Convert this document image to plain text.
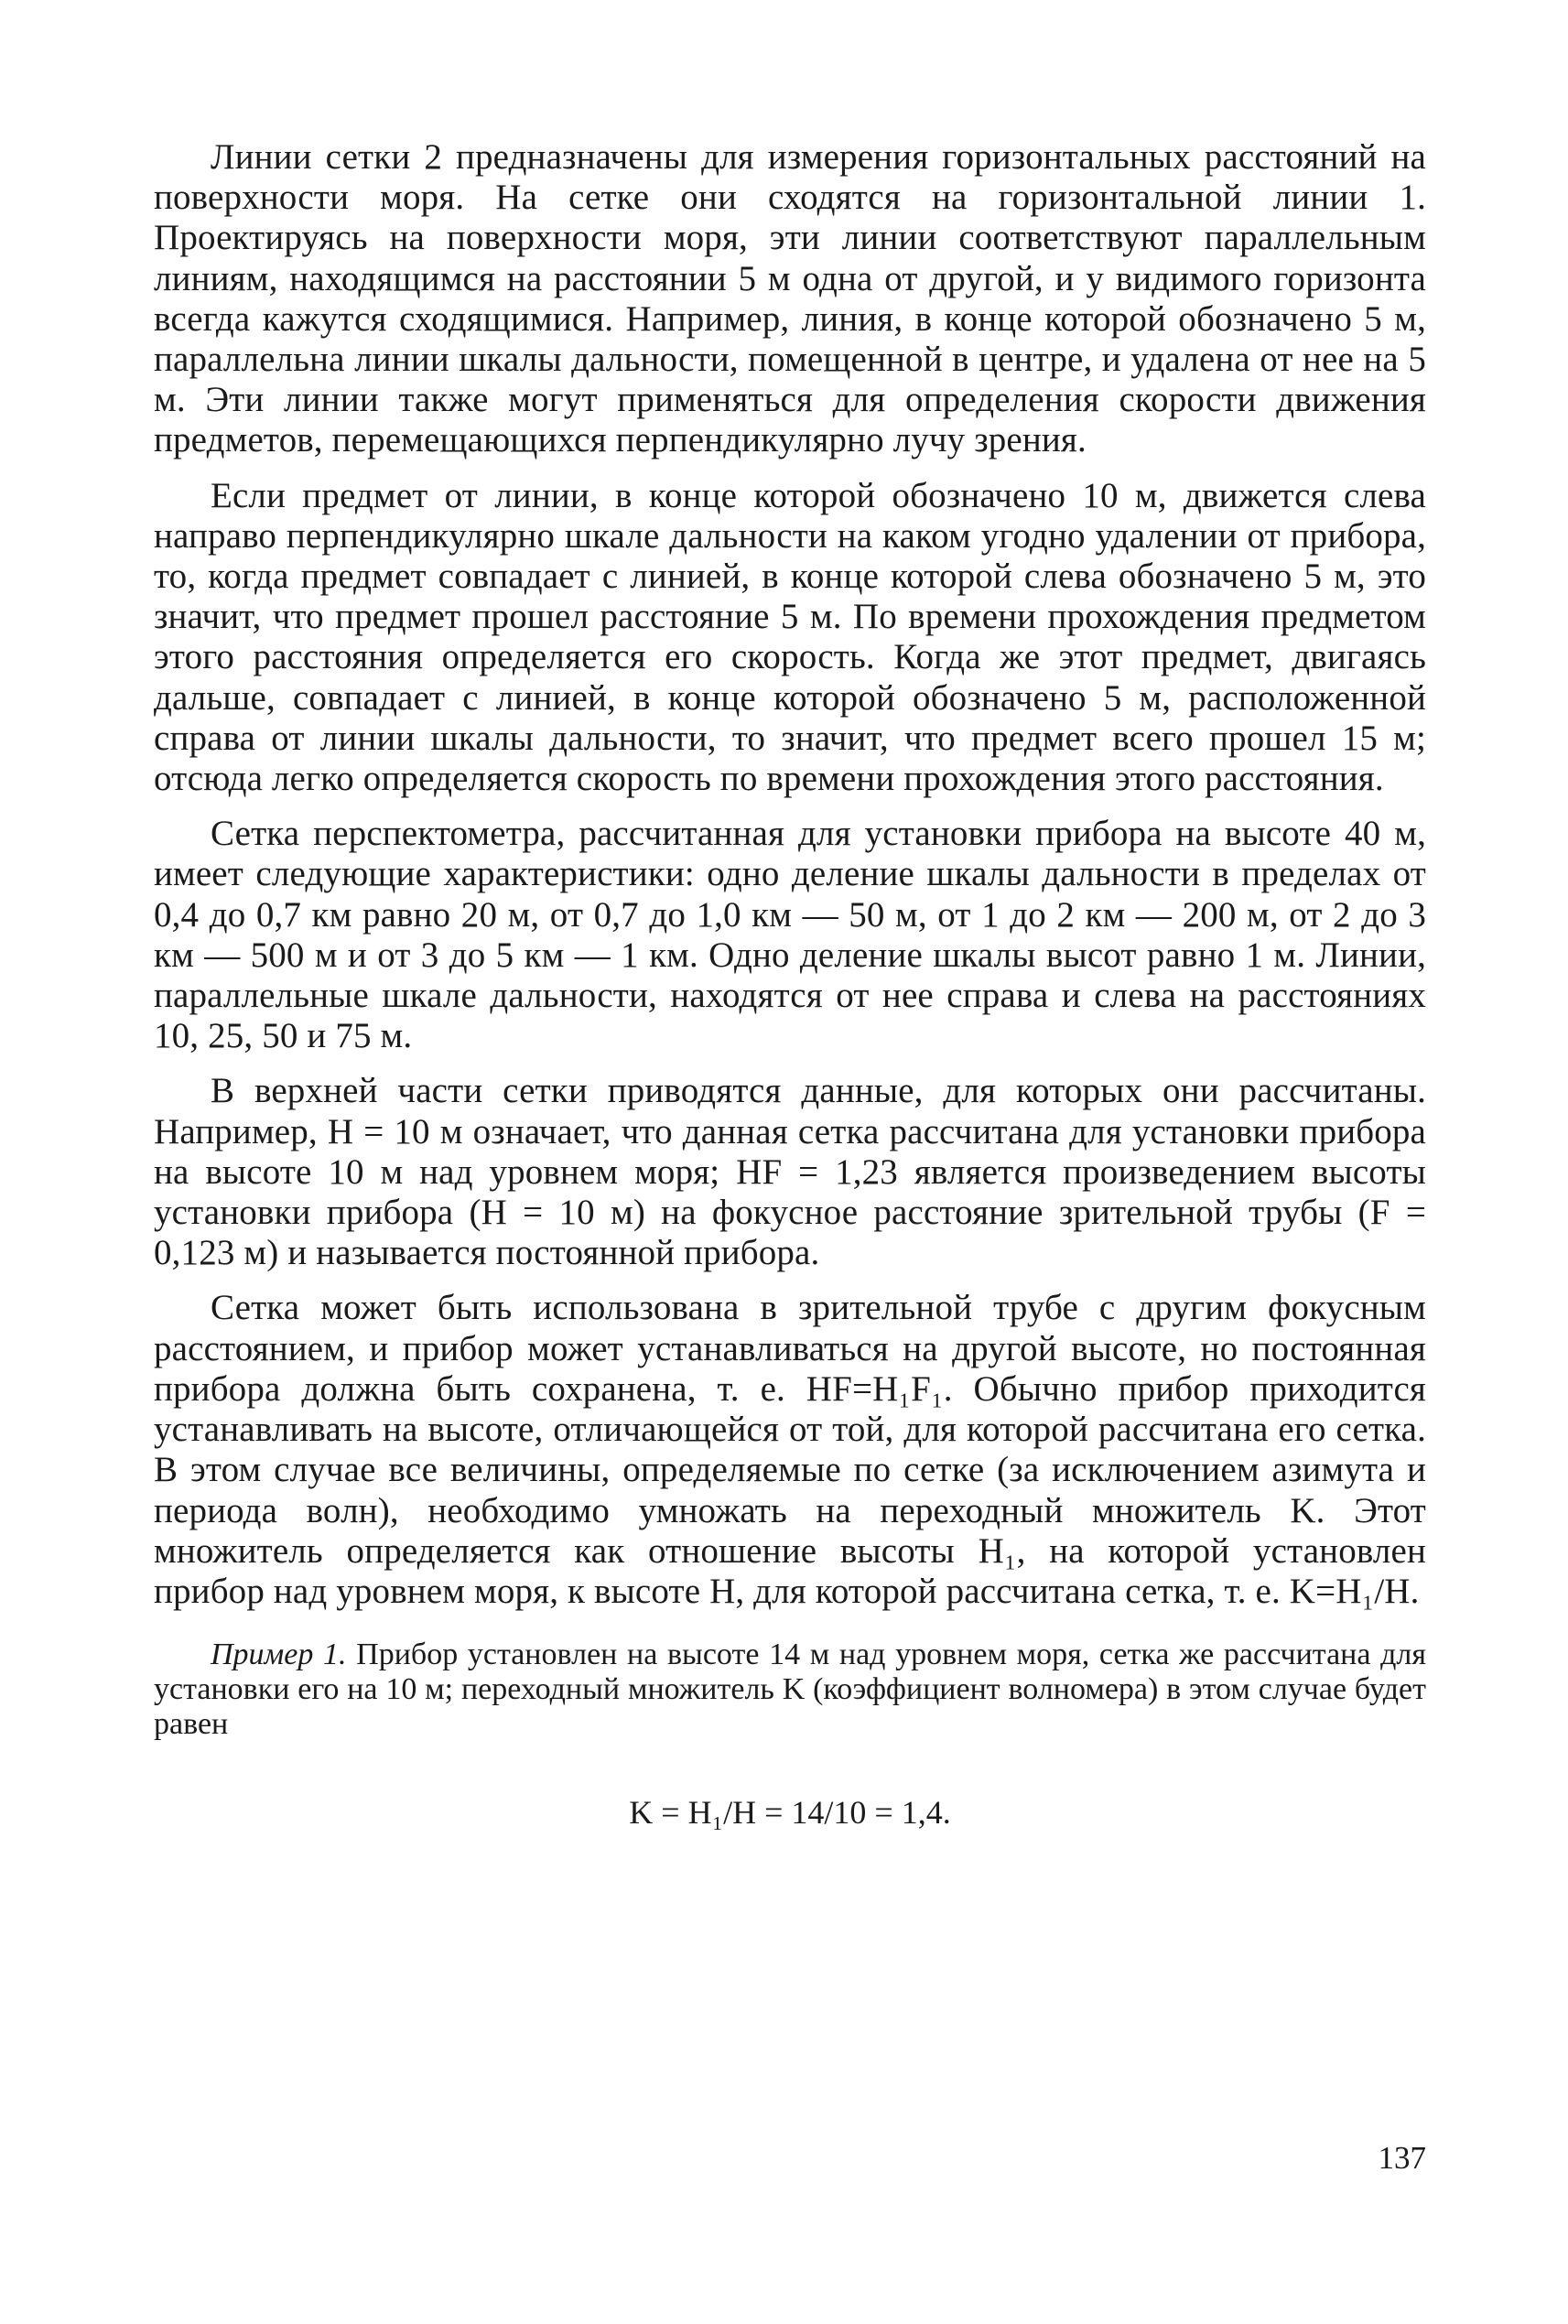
Линии сетки 2 предназначены для измерения горизонтальных расстояний на поверхности моря. На сетке они сходятся на горизонтальной линии 1. Проектируясь на поверхности моря, эти линии соответствуют параллельным линиям, находящимся на расстоянии 5 м одна от другой, и у видимого горизонта всегда кажутся сходящимися. Например, линия, в конце которой обозначено 5 м, параллельна линии шкалы дальности, помещенной в центре, и удалена от нее на 5 м. Эти линии также могут применяться для определения скорости движения предметов, перемещающихся перпендикулярно лучу зрения.

Если предмет от линии, в конце которой обозначено 10 м, движется слева направо перпендикулярно шкале дальности на каком угодно удалении от прибора, то, когда предмет совпадает с линией, в конце которой слева обозначено 5 м, это значит, что предмет прошел расстояние 5 м. По времени прохождения предметом этого расстояния определяется его скорость. Когда же этот предмет, двигаясь дальше, совпадает с линией, в конце которой обозначено 5 м, расположенной справа от линии шкалы дальности, то значит, что предмет всего прошел 15 м; отсюда легко определяется скорость по времени прохождения этого расстояния.

Сетка перспектометра, рассчитанная для установки прибора на высоте 40 м, имеет следующие характеристики: одно деление шкалы дальности в пределах от 0,4 до 0,7 км равно 20 м, от 0,7 до 1,0 км — 50 м, от 1 до 2 км — 200 м, от 2 до 3 км — 500 м и от 3 до 5 км — 1 км. Одно деление шкалы высот равно 1 м. Линии, параллельные шкале дальности, находятся от нее справа и слева на расстояниях 10, 25, 50 и 75 м.

В верхней части сетки приводятся данные, для которых они рассчитаны. Например, H = 10 м означает, что данная сетка рассчитана для установки прибора на высоте 10 м над уровнем моря; HF = 1,23 является произведением высоты установки прибора (H = 10 м) на фокусное расстояние зрительной трубы (F = 0,123 м) и называется постоянной прибора.

Сетка может быть использована в зрительной трубе с другим фокусным расстоянием, и прибор может устанавливаться на другой высоте, но постоянная прибора должна быть сохранена, т. е. HF=H₁F₁. Обычно прибор приходится устанавливать на высоте, отличающейся от той, для которой рассчитана его сетка. В этом случае все величины, определяемые по сетке (за исключением азимута и периода волн), необходимо умножать на переходный множитель K. Этот множитель определяется как отношение высоты H₁, на которой установлен прибор над уровнем моря, к высоте H, для которой рассчитана сетка, т. е. K=H₁/H.

Пример 1. Прибор установлен на высоте 14 м над уровнем моря, сетка же рассчитана для установки его на 10 м; переходный множитель K (коэффициент волномера) в этом случае будет равен

K = H₁/H = 14/10 = 1,4.
137
